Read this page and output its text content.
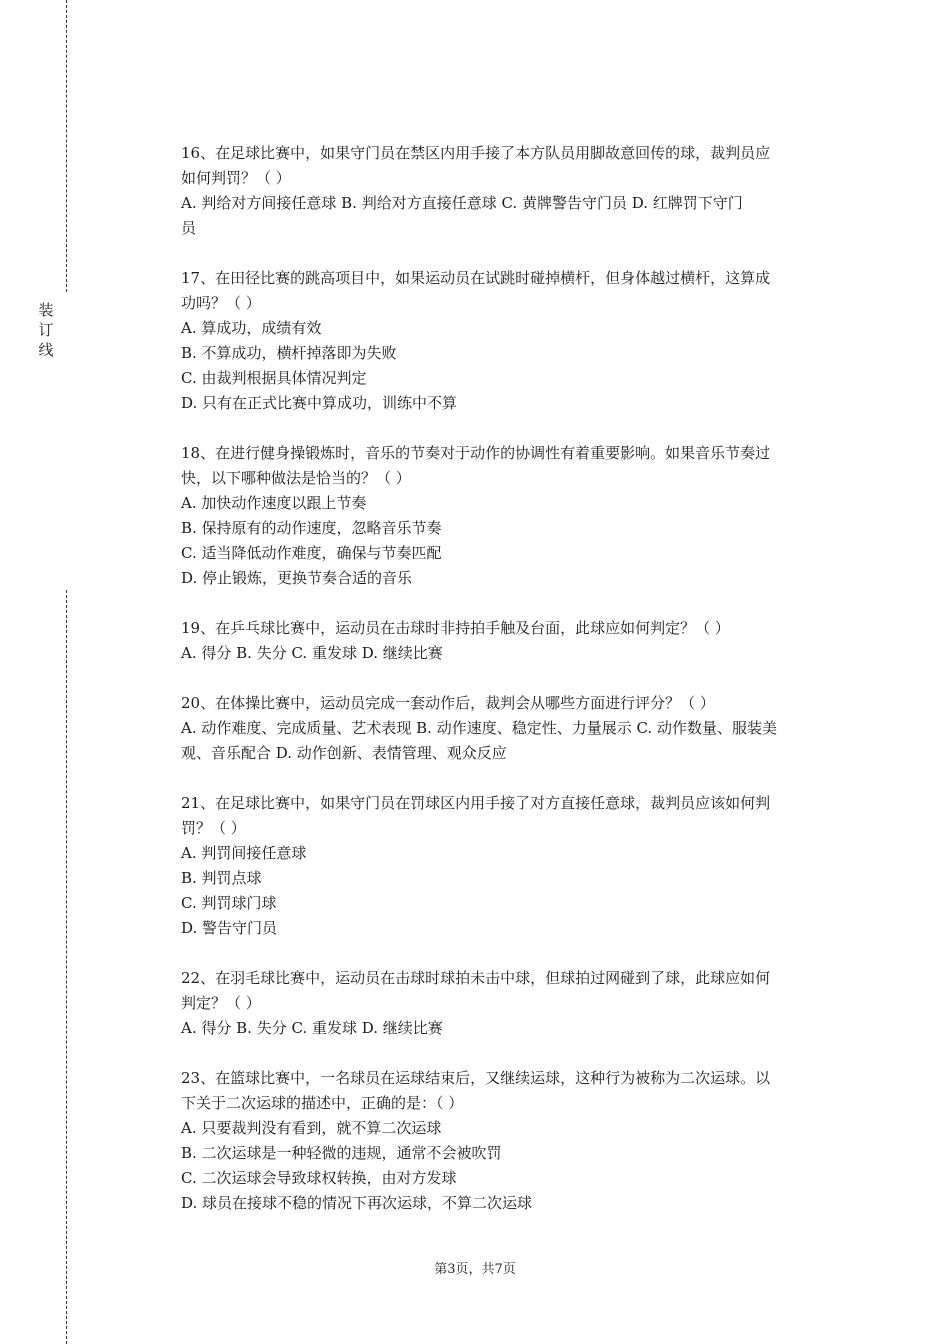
装
订
线

16、在足球比赛中，如果守门员在禁区内用手接了本方队员用脚故意回传的球，裁判员应

如何判罚？（ ）

A. 判给对方间接任意球 B. 判给对方直接任意球 C. 黄牌警告守门员 D. 红牌罚下守门

员

17、在田径比赛的跳高项目中，如果运动员在试跳时碰掉横杆，但身体越过横杆，这算成

功吗？（ ）

A. 算成功，成绩有效

B. 不算成功，横杆掉落即为失败

C. 由裁判根据具体情况判定

D. 只有在正式比赛中算成功，训练中不算

18、在进行健身操锻炼时，音乐的节奏对于动作的协调性有着重要影响。如果音乐节奏过

快，以下哪种做法是恰当的？（ ）

A. 加快动作速度以跟上节奏

B. 保持原有的动作速度，忽略音乐节奏

C. 适当降低动作难度，确保与节奏匹配

D. 停止锻炼，更换节奏合适的音乐

19、在乒乓球比赛中，运动员在击球时非持拍手触及台面，此球应如何判定？（ ）

A. 得分 B. 失分 C. 重发球 D. 继续比赛

20、在体操比赛中，运动员完成一套动作后，裁判会从哪些方面进行评分？（ ）

A. 动作难度、完成质量、艺术表现 B. 动作速度、稳定性、力量展示 C. 动作数量、服装美

观、音乐配合 D. 动作创新、表情管理、观众反应

21、在足球比赛中，如果守门员在罚球区内用手接了对方直接任意球，裁判员应该如何判

罚？（ ）

A. 判罚间接任意球

B. 判罚点球

C. 判罚球门球

D. 警告守门员

22、在羽毛球比赛中，运动员在击球时球拍未击中球，但球拍过网碰到了球，此球应如何

判定？（ ）

A. 得分 B. 失分 C. 重发球 D. 继续比赛

23、在篮球比赛中，一名球员在运球结束后，又继续运球，这种行为被称为二次运球。以

下关于二次运球的描述中，正确的是：（ ）

A. 只要裁判没有看到，就不算二次运球

B. 二次运球是一种轻微的违规，通常不会被吹罚

C. 二次运球会导致球权转换，由对方发球

D. 球员在接球不稳的情况下再次运球，不算二次运球

第3页，共7页
